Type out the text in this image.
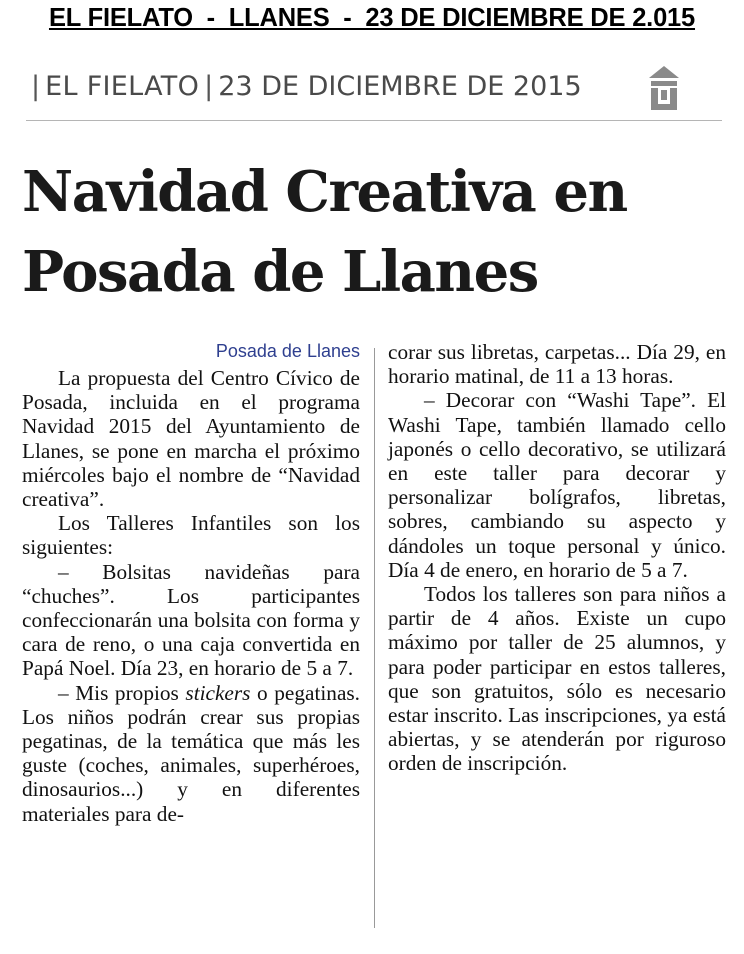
EL FIELATO  -  LLANES  -  23 DE DICIEMBRE DE 2.015
| EL FIELATO | 23 DE DICIEMBRE DE 2015
Navidad Creativa en Posada de Llanes
Posada de Llanes

La propuesta del Centro Cívico de Posada, incluida en el programa Navidad 2015 del Ayuntamiento de Llanes, se pone en marcha el próximo miércoles bajo el nombre de “Navidad creativa”.

Los Talleres Infantiles son los siguientes:

– Bolsitas navideñas para “chuches”. Los participantes confeccionarán una bolsita con forma y cara de reno, o una caja convertida en Papá Noel. Día 23, en horario de 5 a 7.

– Mis propios stickers o pegatinas. Los niños podrán crear sus propias pegatinas, de la temática que más les guste (coches, animales, superhéroes, dinosaurios...) y en diferentes materiales para de-

corar sus libretas, carpetas... Día 29, en horario matinal, de 11 a 13 horas.

– Decorar con “Washi Tape”. El Washi Tape, también llamado cello japonés o cello decorativo, se utilizará en este taller para decorar y personalizar bolígrafos, libretas, sobres, cambiando su aspecto y dándoles un toque personal y único. Día 4 de enero, en horario de 5 a 7.

Todos los talleres son para niños a partir de 4 años. Existe un cupo máximo por taller de 25 alumnos, y para poder participar en estos talleres, que son gratuitos, sólo es necesario estar inscrito. Las inscripciones, ya está abiertas, y se atenderán por riguroso orden de inscripción.
